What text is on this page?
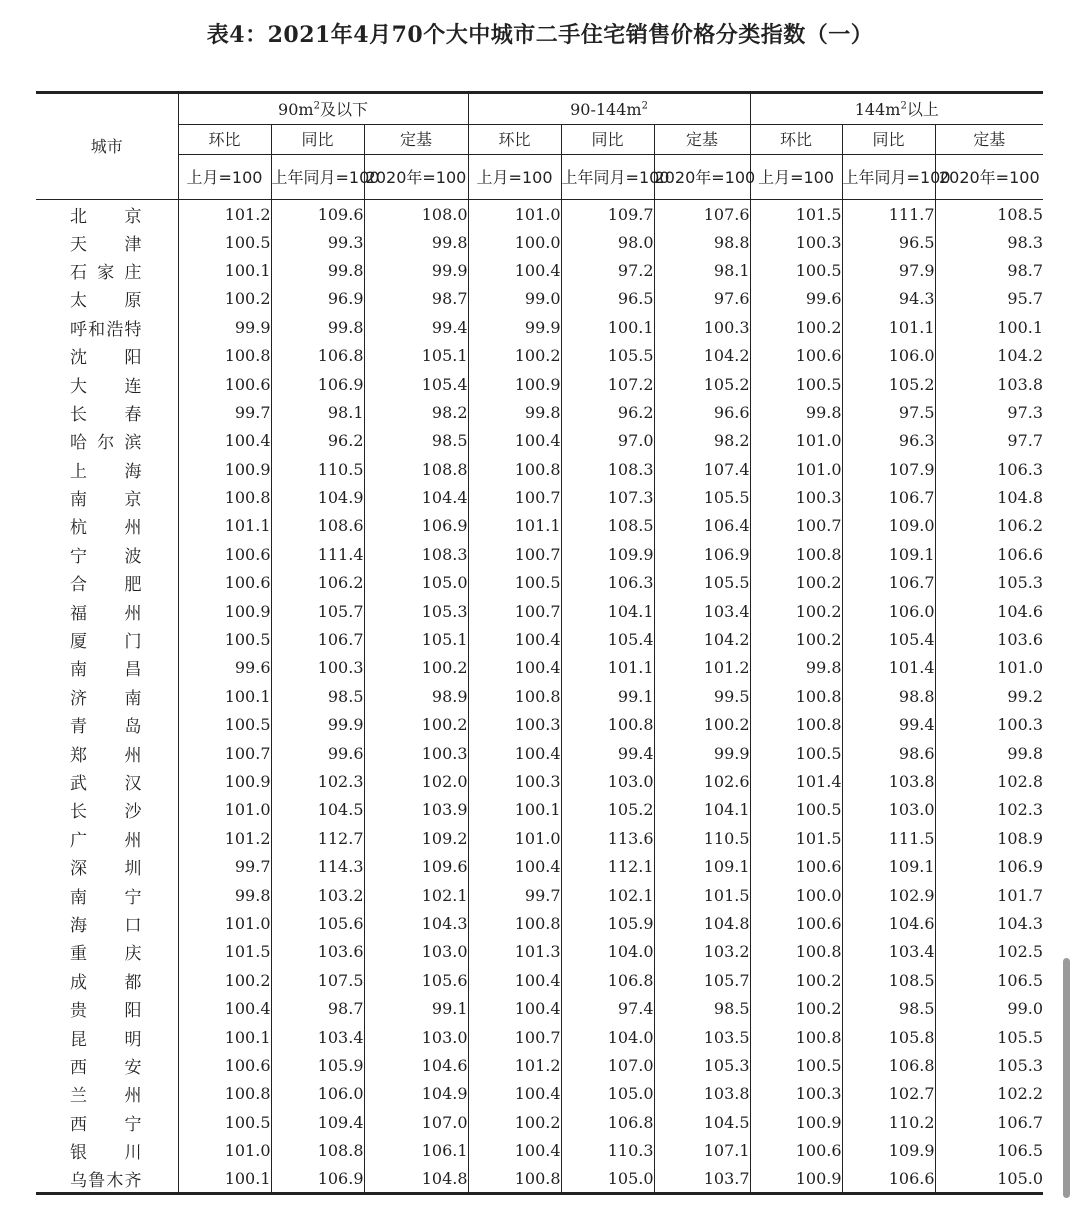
表4：2021年4月70个大中城市二手住宅销售价格分类指数（一）
城市	$90m^2$及以下			$90-144m^2$			$144m^2$以上		
	环比	同比	定基	环比	同比	定基	环比	同比	定基
	上月=100	上年同月=100	2020年=100	上月=100	上年同月=100	2020年=100	上月=100	上年同月=100	2020年=100
北京	101.2	109.6	108.0	101.0	109.7	107.6	101.5	111.7	108.5
天津	100.5	99.3	99.8	100.0	98.0	98.8	100.3	96.5	98.3
石家庄	100.1	99.8	99.9	100.4	97.2	98.1	100.5	97.9	98.7
太原	100.2	96.9	98.7	99.0	96.5	97.6	99.6	94.3	95.7
呼和浩特	99.9	99.8	99.4	99.9	100.1	100.3	100.2	101.1	100.1
沈阳	100.8	106.8	105.1	100.2	105.5	104.2	100.6	106.0	104.2
大连	100.6	106.9	105.4	100.9	107.2	105.2	100.5	105.2	103.8
长春	99.7	98.1	98.2	99.8	96.2	96.6	99.8	97.5	97.3
哈尔滨	100.4	96.2	98.5	100.4	97.0	98.2	101.0	96.3	97.7
上海	100.9	110.5	108.8	100.8	108.3	107.4	101.0	107.9	106.3
南京	100.8	104.9	104.4	100.7	107.3	105.5	100.3	106.7	104.8
杭州	101.1	108.6	106.9	101.1	108.5	106.4	100.7	109.0	106.2
宁波	100.6	111.4	108.3	100.7	109.9	106.9	100.8	109.1	106.6
合肥	100.6	106.2	105.0	100.5	106.3	105.5	100.2	106.7	105.3
福州	100.9	105.7	105.3	100.7	104.1	103.4	100.2	106.0	104.6
厦门	100.5	106.7	105.1	100.4	105.4	104.2	100.2	105.4	103.6
南昌	99.6	100.3	100.2	100.4	101.1	101.2	99.8	101.4	101.0
济南	100.1	98.5	98.9	100.8	99.1	99.5	100.8	98.8	99.2
青岛	100.5	99.9	100.2	100.3	100.8	100.2	100.8	99.4	100.3
郑州	100.7	99.6	100.3	100.4	99.4	99.9	100.5	98.6	99.8
武汉	100.9	102.3	102.0	100.3	103.0	102.6	101.4	103.8	102.8
长沙	101.0	104.5	103.9	100.1	105.2	104.1	100.5	103.0	102.3
广州	101.2	112.7	109.2	101.0	113.6	110.5	101.5	111.5	108.9
深圳	99.7	114.3	109.6	100.4	112.1	109.1	100.6	109.1	106.9
南宁	99.8	103.2	102.1	99.7	102.1	101.5	100.0	102.9	101.7
海口	101.0	105.6	104.3	100.8	105.9	104.8	100.6	104.6	104.3
重庆	101.5	103.6	103.0	101.3	104.0	103.2	100.8	103.4	102.5
成都	100.2	107.5	105.6	100.4	106.8	105.7	100.2	108.5	106.5
贵阳	100.4	98.7	99.1	100.4	97.4	98.5	100.2	98.5	99.0
昆明	100.1	103.4	103.0	100.7	104.0	103.5	100.8	105.8	105.5
西安	100.6	105.9	104.6	101.2	107.0	105.3	100.5	106.8	105.3
兰州	100.8	106.0	104.9	100.4	105.0	103.8	100.3	102.7	102.2
西宁	100.5	109.4	107.0	100.2	106.8	104.5	100.9	110.2	106.7
银川	101.0	108.8	106.1	100.4	110.3	107.1	100.6	109.9	106.5
乌鲁木齐	100.1	106.9	104.8	100.8	105.0	103.7	100.9	106.6	105.0
